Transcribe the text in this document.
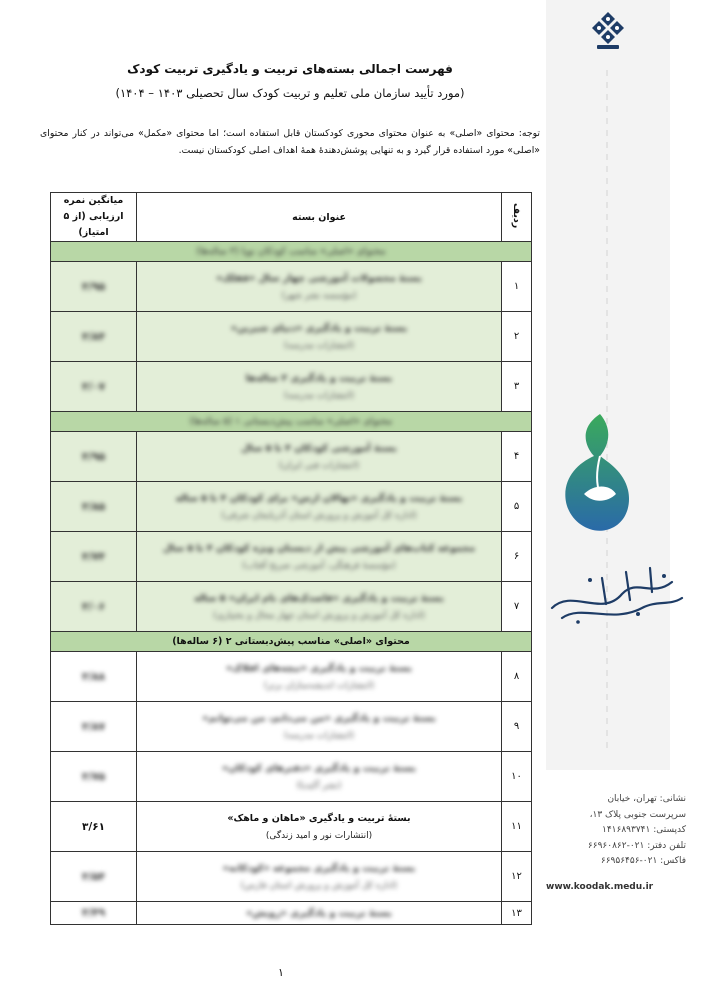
نشانی: تهران، خیابان
سرپرست جنوبی پلاک ۱۳،
کدپستی: ۱۴۱۶۸۹۳۷۴۱
تلفن دفتر: ۰۲۱-۶۶۹۶۰۸۶۲
فاکس: ۰۲۱-۶۶۹۵۶۴۵۶
www.koodak.medu.ir
فهرست اجمالی بسته‌های تربیت و یادگیری تربیت کودک
(مورد تأیید سازمان ملی تعلیم و تربیت کودک سال تحصیلی ۱۴۰۳ – ۱۴۰۴)
توجه: محتوای «اصلی» به عنوان محتوای محوری کودکستان قابل استفاده است؛ اما محتوای «مکمل» می‌تواند در کنار محتوای «اصلی» مورد استفاده قرار گیرد و به تنهایی پوشش‌دهندهٔ همهٔ اهداف اصلی کودکستان نیست.
ردیف	عنوان بسته	میانگین نمره ارزیابی (از ۵ امتیاز)
محتوای «اصلی» مناسب کودکان نوپا (۳ ساله‌ها)		
۱	بستهٔ محصولات آموزشی چهار سال «قفلک»
(مؤسسه نشر شهر)	۳/۹۵
۲	بستهٔ تربیت و یادگیری «دنیای شیرین»
(انتشارات مدرسه)	۳/۸۴
۳	بستهٔ تربیت و یادگیری ۳ ساله‌ها
(انتشارات مدرسه)	۳/۰۷
محتوای «اصلی» مناسب پیش‌دبستانی ۱ (۵ ساله‌ها)		
۴	بستهٔ آموزشی کودکان ۴ تا ۵ سال
(انتشارات فنی ایران)	۳/۹۵
۵	بستهٔ تربیت و یادگیری «نهالان ارس» برای کودکان ۴ تا ۵ ساله
(اداره کل آموزش و پرورش استان آذربایجان شرقی)	۳/۸۵
۶	مجموعه کتاب‌های آموزشی پیش از دبستان ویژه کودکان ۴ تا ۵ سال
(مؤسسهٔ فرهنگی، آموزشی صریح آفتاب)	۳/۷۴
۷	بستهٔ تربیت و یادگیری «قاصدک‌های نام ایران» ۵ ساله
(اداره کل آموزش و پرورش استان چهار محال و بختیاری)	۳/۰۶
محتوای «اصلی» مناسب پیش‌دبستانی ۲ (۶ ساله‌ها)		
۸	بستهٔ تربیت و یادگیری «نیچه‌های افلاک»
(انتشارات اندیشه‌سازان برتر)	۳/۸۸
۹	بستهٔ تربیت و یادگیری «من می‌دانم، من می‌توانم»
(انتشارات مدرسه)	۳/۸۷
۱۰	بستهٔ تربیت و یادگیری «دفترهای کودکان»
(نشر آکیدیا)	۳/۷۵
۱۱	بستهٔ تربیت و یادگیری «ماهان و ماهک»
(انتشارات نور و امید زندگی)	۳/۶۱
۱۲	بستهٔ تربیت و یادگیری مجموعه «کودکانه»
(اداره کل آموزش و پرورش استان فارس)	۳/۵۴
۱۳	بستهٔ تربیت و یادگیری «رویش»	۳/۴۹
۱
